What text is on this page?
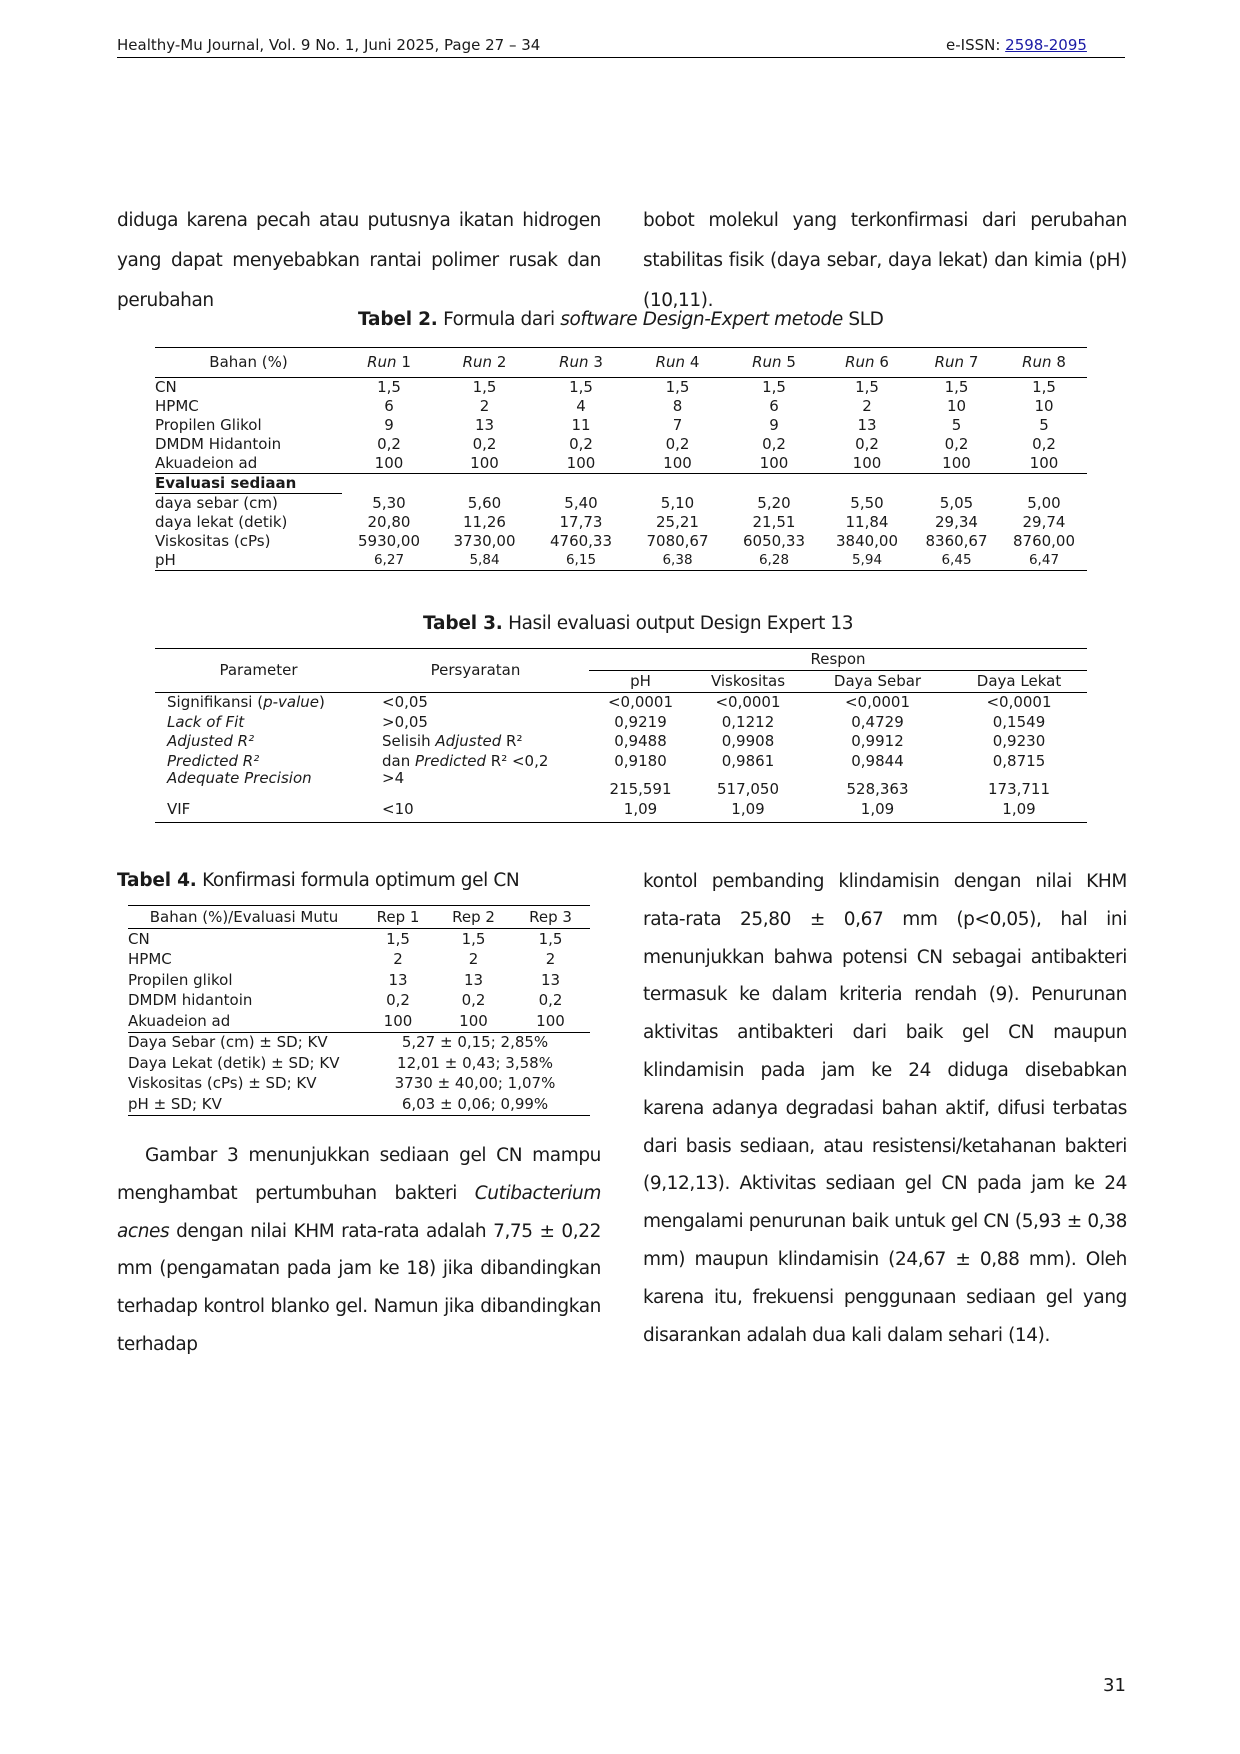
Healthy-Mu Journal, Vol. 9 No. 1, Juni 2025, Page 27 – 34	e-ISSN: 2598-2095

diduga karena pecah atau putusnya ikatan hidrogen yang dapat menyebabkan rantai polimer rusak dan perubahan

bobot molekul yang terkonfirmasi dari perubahan stabilitas fisik (daya sebar, daya lekat) dan kimia (pH) (10,11).

Tabel 2. Formula dari software Design-Expert metode SLD
Bahan (%)	Run 1	Run 2	Run 3	Run 4	Run 5	Run 6	Run 7	Run 8
CN	1,5	1,5	1,5	1,5	1,5	1,5	1,5	1,5
HPMC	6	2	4	8	6	2	10	10
Propilen Glikol	9	13	11	7	9	13	5	5
DMDM Hidantoin	0,2	0,2	0,2	0,2	0,2	0,2	0,2	0,2
Akuadeion ad	100	100	100	100	100	100	100	100
Evaluasi sediaan								
daya sebar (cm)	5,30	5,60	5,40	5,10	5,20	5,50	5,05	5,00
daya lekat (detik)	20,80	11,26	17,73	25,21	21,51	11,84	29,34	29,74
Viskositas (cPs)	5930,00	3730,00	4760,33	7080,67	6050,33	3840,00	8360,67	8760,00
pH	6,27	5,84	6,15	6,38	6,28	5,94	6,45	6,47
Tabel 3. Hasil evaluasi output Design Expert 13
Parameter	Persyaratan	Respon			
		pH	Viskositas	Daya Sebar	Daya Lekat
Signifikansi (p-value)	<0,05	<0,0001	<0,0001	<0,0001	<0,0001
Lack of Fit	>0,05	0,9219	0,1212	0,4729	0,1549
Adjusted R²	Selisih Adjusted R²	0,9488	0,9908	0,9912	0,9230
Predicted R²	dan Predicted R² <0,2	0,9180	0,9861	0,9844	0,8715
Adequate Precision	>4	215,591	517,050	528,363	173,711
VIF	<10	1,09	1,09	1,09	1,09
Tabel 4. Konfirmasi formula optimum gel CN
Bahan (%)/Evaluasi Mutu	Rep 1	Rep 2	Rep 3
CN	1,5	1,5	1,5
HPMC	2	2	2
Propilen glikol	13	13	13
DMDM hidantoin	0,2	0,2	0,2
Akuadeion ad	100	100	100
Daya Sebar (cm) ± SD; KV	5,27 ± 0,15; 2,85%		
Daya Lekat (detik) ± SD; KV	12,01 ± 0,43; 3,58%		
Viskositas (cPs) ± SD; KV	3730 ± 40,00; 1,07%		
pH ± SD; KV	6,03 ± 0,06; 0,99%		

Gambar 3 menunjukkan sediaan gel CN mampu menghambat pertumbuhan bakteri Cutibacterium acnes dengan nilai KHM rata-rata adalah 7,75 ± 0,22 mm (pengamatan pada jam ke 18) jika dibandingkan terhadap kontrol blanko gel. Namun jika dibandingkan terhadap

kontol pembanding klindamisin dengan nilai KHM rata-rata 25,80 ± 0,67 mm (p<0,05), hal ini menunjukkan bahwa potensi CN sebagai antibakteri termasuk ke dalam kriteria rendah (9). Penurunan aktivitas antibakteri dari baik gel CN maupun klindamisin pada jam ke 24 diduga disebabkan karena adanya degradasi bahan aktif, difusi terbatas dari basis sediaan, atau resistensi/ketahanan bakteri (9,12,13). Aktivitas sediaan gel CN pada jam ke 24 mengalami penurunan baik untuk gel CN (5,93 ± 0,38 mm) maupun klindamisin (24,67 ± 0,88 mm). Oleh karena itu, frekuensi penggunaan sediaan gel yang disarankan adalah dua kali dalam sehari (14).

31
